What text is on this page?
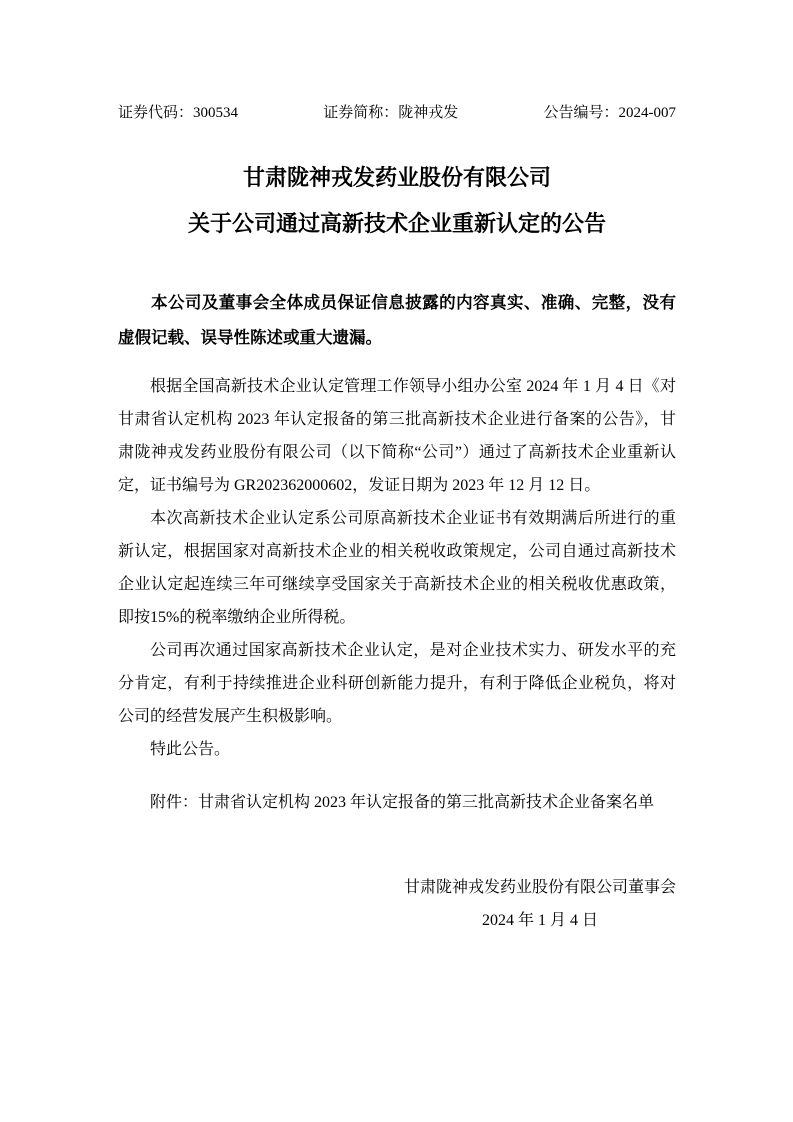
证券代码：300534	证券简称：陇神戎发	公告编号：2024-007
甘肃陇神戎发药业股份有限公司
关于公司通过高新技术企业重新认定的公告
本公司及董事会全体成员保证信息披露的内容真实、准确、完整，没有虚假记载、误导性陈述或重大遗漏。

根据全国高新技术企业认定管理工作领导小组办公室 2024 年 1 月 4 日《对甘肃省认定机构 2023 年认定报备的第三批高新技术企业进行备案的公告》，甘肃陇神戎发药业股份有限公司（以下简称“公司”）通过了高新技术企业重新认定，证书编号为 GR202362000602，发证日期为 2023 年 12 月 12 日。

本次高新技术企业认定系公司原高新技术企业证书有效期满后所进行的重新认定，根据国家对高新技术企业的相关税收政策规定，公司自通过高新技术企业认定起连续三年可继续享受国家关于高新技术企业的相关税收优惠政策，即按15%的税率缴纳企业所得税。

公司再次通过国家高新技术企业认定，是对企业技术实力、研发水平的充分肯定，有利于持续推进企业科研创新能力提升，有利于降低企业税负，将对公司的经营发展产生积极影响。

特此公告。

附件：甘肃省认定机构 2023 年认定报备的第三批高新技术企业备案名单

甘肃陇神戎发药业股份有限公司董事会
2024 年 1 月 4 日
